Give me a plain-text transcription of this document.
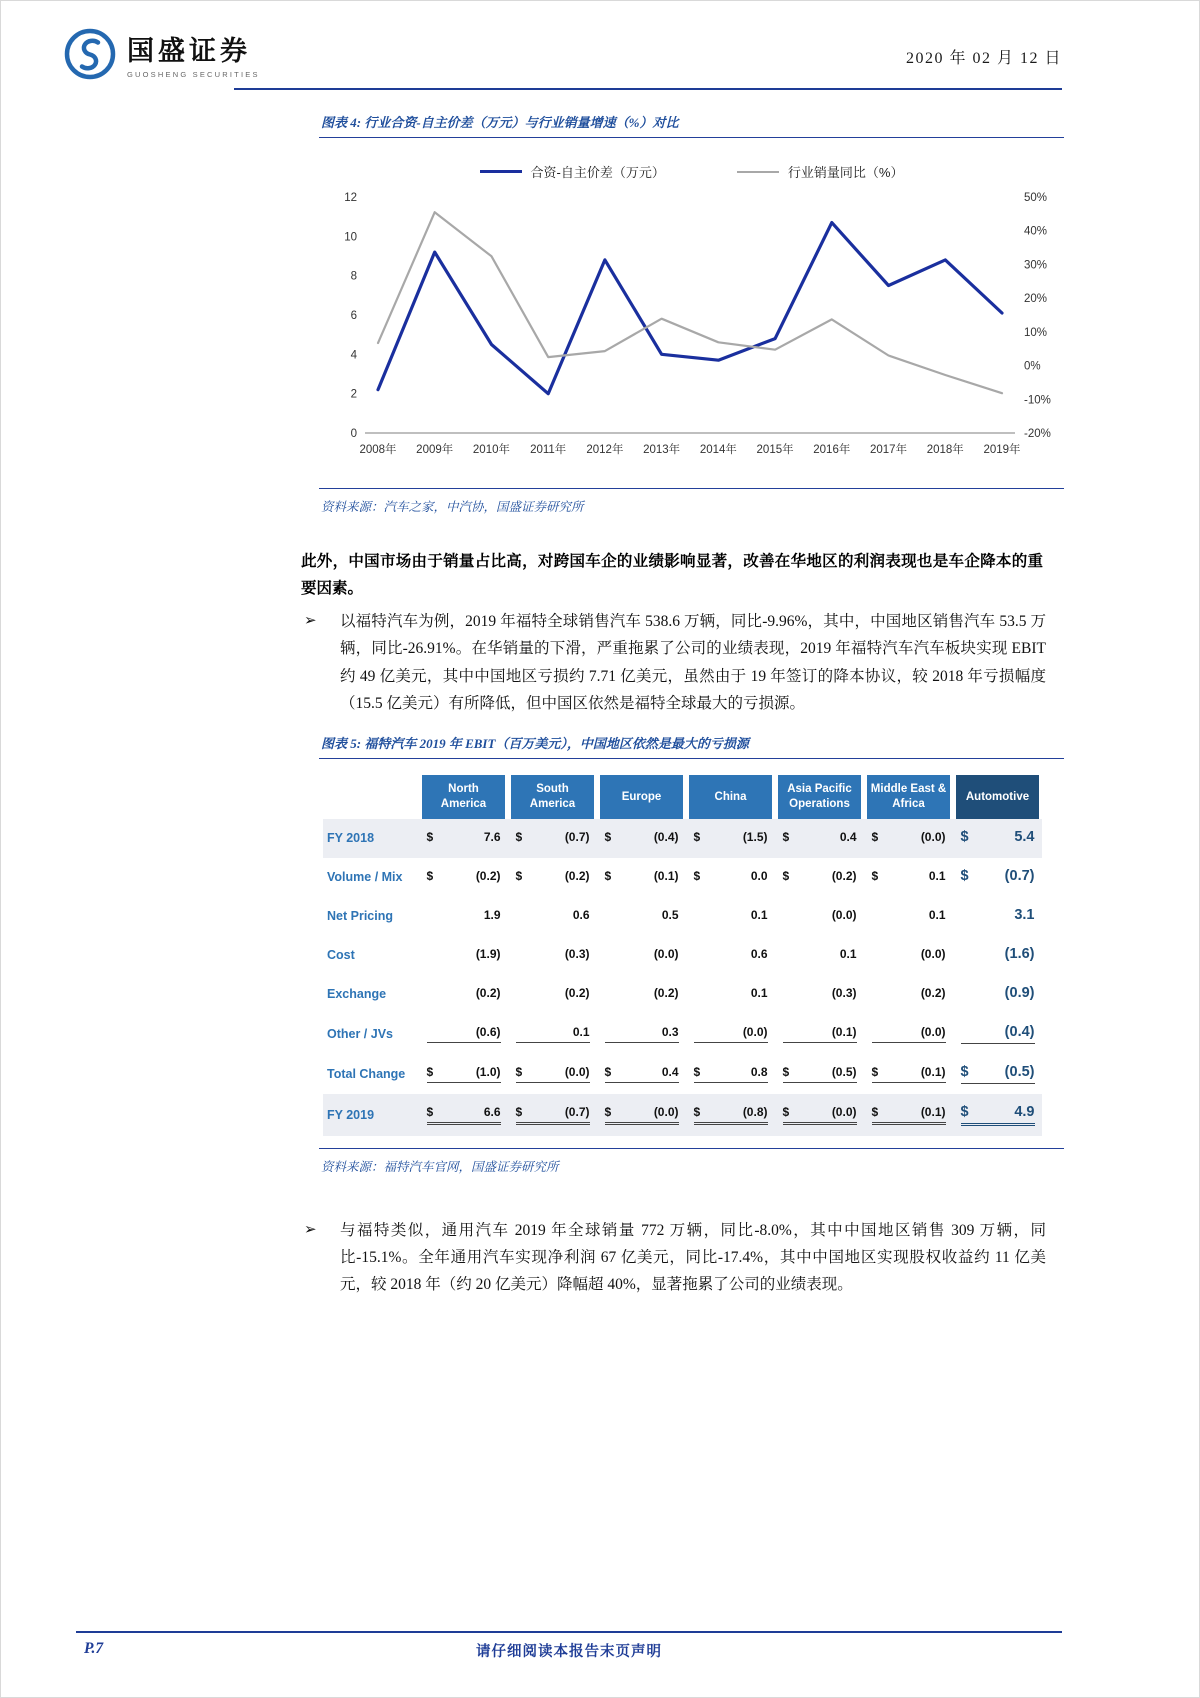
国盛证券
GUOSHENG SECURITIES
2020 年 02 月 12 日
图表 4: 行业合资-自主价差（万元）与行业销量增速（%）对比
合资-自主价差（万元）	行业销量同比（%）
0
2
4
6
8
10
12
-20%
-10%
0%
10%
20%
30%
40%
50%
2008年 2009年 2010年 2011年 2012年 2013年 2014年 2015年 2016年 2017年 2018年 2019年
资料来源：汽车之家，中汽协，国盛证券研究所

此外，中国市场由于销量占比高，对跨国车企的业绩影响显著，改善在华地区的利润表现也是车企降本的重要因素。

➢	以福特汽车为例，2019 年福特全球销售汽车 538.6 万辆，同比-9.96%，其中，中国地区销售汽车 53.5 万辆，同比-26.91%。在华销量的下滑，严重拖累了公司的业绩表现，2019 年福特汽车汽车板块实现 EBIT 约 49 亿美元，其中中国地区亏损约 7.71 亿美元，虽然由于 19 年签订的降本协议，较 2018 年亏损幅度（15.5 亿美元）有所降低，但中国区依然是福特全球最大的亏损源。

图表 5: 福特汽车 2019 年 EBIT（百万美元），中国地区依然是最大的亏损源

North America	South America	Europe	China	Asia Pacific Operations	Middle East & Africa	Automotive

FY 2018	$ 7.6	$ (0.7)	$ (0.4)	$ (1.5)	$ 0.4	$ (0.0)	$ 5.4

Volume / Mix	$ (0.2)	$ (0.2)	$ (0.1)	$ 0.0	$ (0.2)	$ 0.1	$ (0.7)

Net Pricing	1.9	0.6	0.5	0.1	(0.0)	0.1	3.1

Cost	(1.9)	(0.3)	(0.0)	0.6	0.1	(0.0)	(1.6)

Exchange	(0.2)	(0.2)	(0.2)	0.1	(0.3)	(0.2)	(0.9)

Other / JVs	(0.6)	0.1	0.3	(0.0)	(0.1)	(0.0)	(0.4)

Total Change	$ (1.0)	$ (0.0)	$ 0.4	$ 0.8	$ (0.5)	$ (0.1)	$ (0.5)

FY 2019	$ 6.6	$ (0.7)	$ (0.0)	$ (0.8)	$ (0.0)	$ (0.1)	$ 4.9
资料来源：福特汽车官网，国盛证券研究所
➢	与福特类似，通用汽车 2019 年全球销量 772 万辆，同比-8.0%，其中中国地区销售 309 万辆，同比-15.1%。全年通用汽车实现净利润 67 亿美元，同比-17.4%，其中中国地区实现股权收益约 11 亿美元，较 2018 年（约 20 亿美元）降幅超 40%，显著拖累了公司的业绩表现。

P.7	请仔细阅读本报告末页声明
